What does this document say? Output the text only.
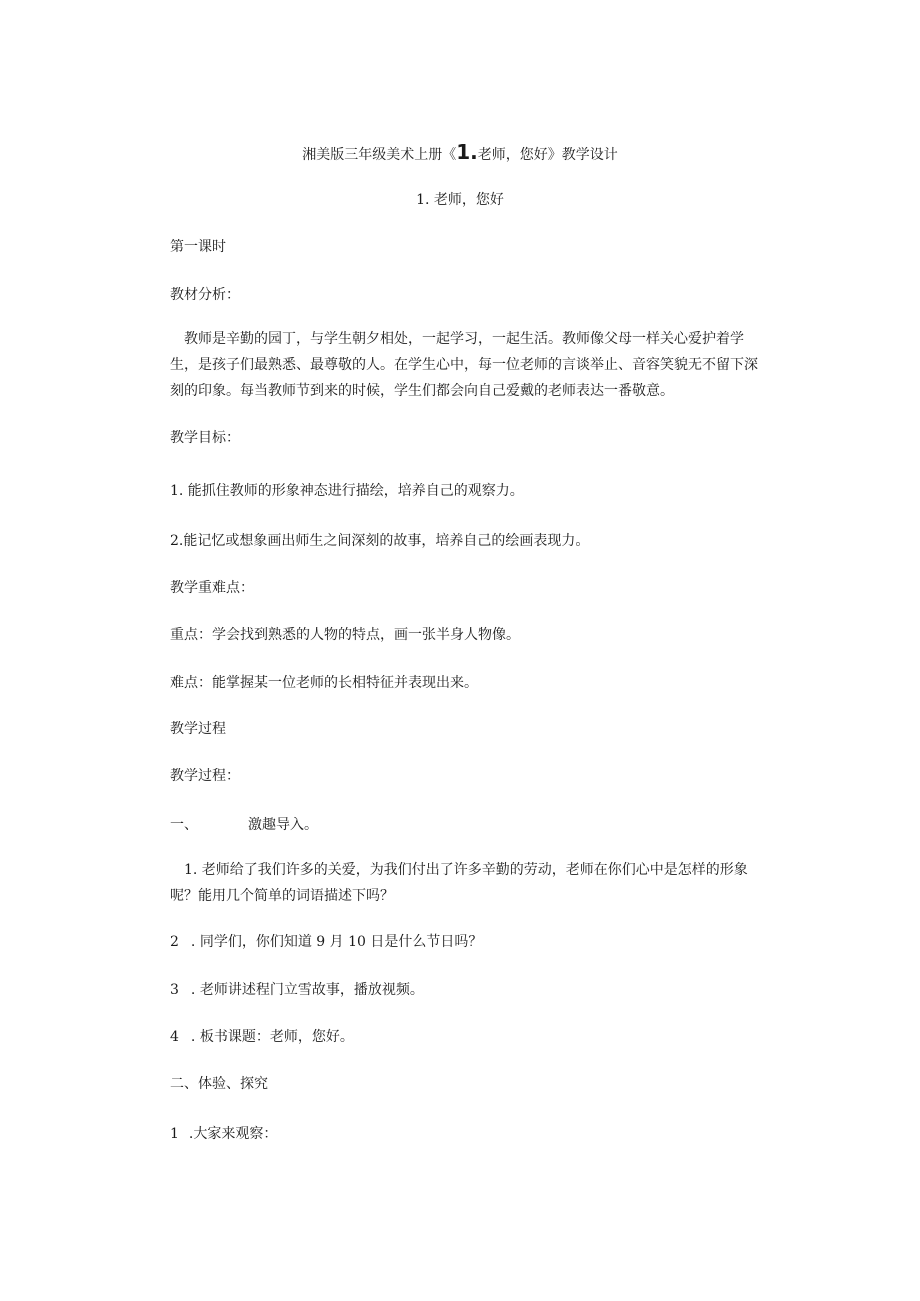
湘美版三年级美术上册《1.老师，您好》教学设计
1. 老师，您好
第一课时
教材分析：
　教师是辛勤的园丁，与学生朝夕相处，一起学习，一起生活。教师像父母一样关心爱护着学
生，是孩子们最熟悉、最尊敬的人。在学生心中，每一位老师的言谈举止、音容笑貌无不留下深
刻的印象。每当教师节到来的时候，学生们都会向自己爱戴的老师表达一番敬意。
教学目标：
1. 能抓住教师的形象神态进行描绘，培养自己的观察力。
2.能记忆或想象画出师生之间深刻的故事，培养自己的绘画表现力。
教学重难点：
重点：学会找到熟悉的人物的特点，画一张半身人物像。
难点：能掌握某一位老师的长相特征并表现出来。
教学过程
教学过程：
一、	激趣导入。
　1. 老师给了我们许多的关爱，为我们付出了许多辛勤的劳动，老师在你们心中是怎样的形象
呢？能用几个简单的词语描述下吗？
2 . 同学们，你们知道 9 月 10 日是什么节日吗？
3 . 老师讲述程门立雪故事，播放视频。
4 . 板书课题：老师，您好。
二、体验、探究
1 .大家来观察：
